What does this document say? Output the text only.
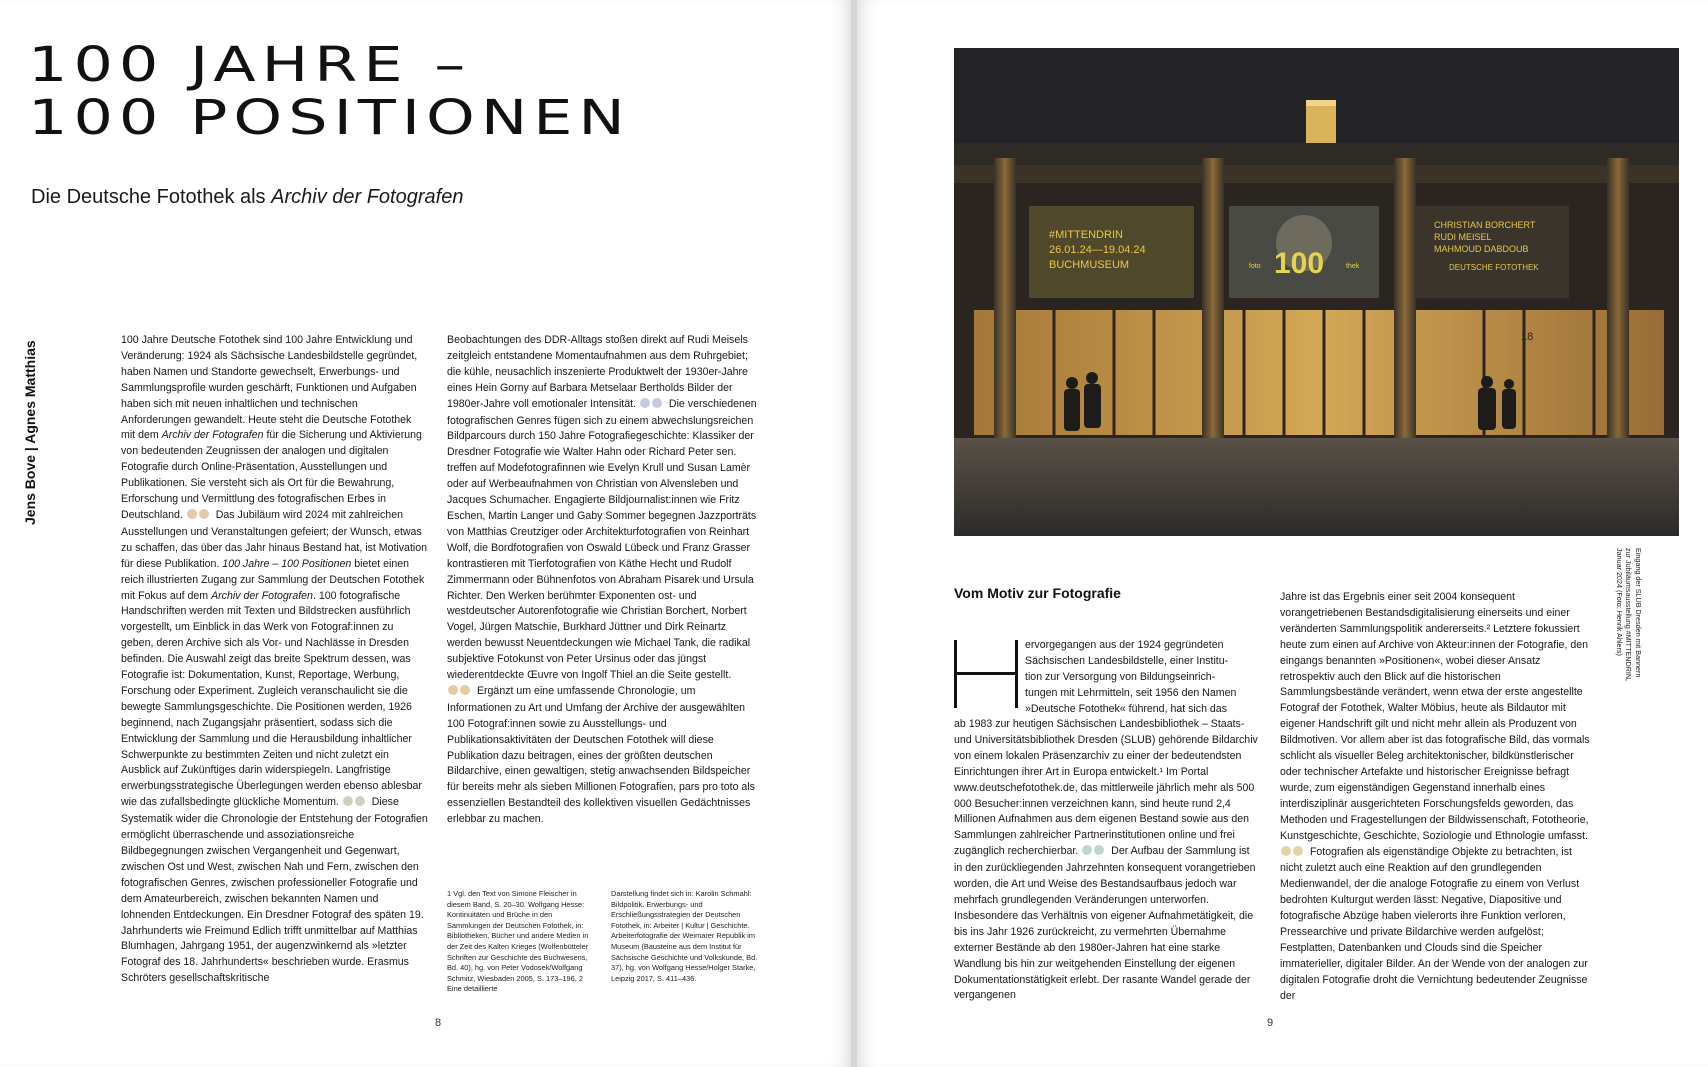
100 JAHRE –
100 POSITIONEN
Die Deutsche Fotothek als Archiv der Fotografen
Jens Bove | Agnes Matthias

100 Jahre Deutsche Fotothek sind 100 Jahre Entwicklung und Veränderung: 1924 als Sächsische Landesbildstelle gegründet, haben Namen und Standorte gewechselt, Erwerbungs- und Sammlungsprofile wurden geschärft, Funktionen und Aufgaben haben sich mit neuen inhaltlichen und technischen Anforderungen gewandelt. Heute steht die Deutsche Fotothek mit dem Archiv der Fotografen für die Sicherung und Aktivierung von bedeutenden Zeugnissen der analogen und digitalen Fotografie durch Online-Präsentation, Ausstellungen und Publikationen. Sie versteht sich als Ort für die Bewahrung, Erforschung und Vermittlung des fotografischen Erbes in Deutschland.	Das Jubiläum wird 2024 mit zahlreichen Ausstellungen und Veranstaltungen gefeiert; der Wunsch, etwas zu schaffen, das über das Jahr hinaus Bestand hat, ist Motivation für diese Publikation. 100 Jahre – 100 Positionen bietet einen reich illustrierten Zugang zur Sammlung der Deutschen Fotothek mit Fokus auf dem Archiv der Fotografen. 100 fotografische Handschriften werden mit Texten und Bildstrecken ausführlich vorgestellt, um Einblick in das Werk von Fotograf:innen zu geben, deren Archive sich als Vor- und Nachlässe in Dresden befinden. Die Auswahl zeigt das breite Spektrum dessen, was Fotografie ist: Dokumentation, Kunst, Reportage, Werbung, Forschung oder Experiment. Zugleich veranschaulicht sie die bewegte Sammlungsgeschichte. Die Positionen werden, 1926 beginnend, nach Zugangsjahr präsentiert, sodass sich die Entwicklung der Sammlung und die Herausbildung inhaltlicher Schwerpunkte zu bestimmten Zeiten und nicht zuletzt ein Ausblick auf Zukünftiges darin widerspiegeln. Langfristige erwerbungsstrategische Überlegungen werden ebenso ablesbar wie das zufallsbedingte glückliche Momentum.	Diese Systematik wider die Chronologie der Entstehung der Fotografien ermöglicht überraschende und assoziationsreiche Bildbegegnungen zwischen Vergangenheit und Gegenwart, zwischen Ost und West, zwischen Nah und Fern, zwischen den fotografischen Genres, zwischen professioneller Fotografie und dem Amateurbereich, zwischen bekannten Namen und lohnenden Entdeckungen. Ein Dresdner Fotograf des späten 19. Jahrhunderts wie Freimund Edlich trifft unmittelbar auf Matthias Blumhagen, Jahrgang 1951, der augenzwinkernd als »letzter Fotograf des 18. Jahrhunderts« beschrieben wurde. Erasmus Schröters gesellschaftskritische

Beobachtungen des DDR-Alltags stoßen direkt auf Rudi Meisels zeitgleich entstandene Momentaufnahmen aus dem Ruhrgebiet; die kühle, neusachlich inszenierte Produktwelt der 1930er-Jahre eines Hein Gorny auf Barbara Metselaar Bertholds Bilder der 1980er-Jahre voll emotionaler Intensität.	Die verschiedenen fotografischen Genres fügen sich zu einem abwechslungsreichen Bildparcours durch 150 Jahre Fotografiegeschichte: Klassiker der Dresdner Fotografie wie Walter Hahn oder Richard Peter sen. treffen auf Modefotografinnen wie Evelyn Krull und Susan Lamèr oder auf Werbeaufnahmen von Christian von Alvensleben und Jacques Schumacher. Engagierte Bildjournalist:innen wie Fritz Eschen, Martin Langer und Gaby Sommer begegnen Jazzporträts von Matthias Creutziger oder Architekturfotografien von Reinhart Wolf, die Bordfotografien von Oswald Lübeck und Franz Grasser kontrastieren mit Tierfotografien von Käthe Hecht und Rudolf Zimmermann oder Bühnenfotos von Abraham Pisarek und Ursula Richter. Den Werken berühmter Exponenten ost- und westdeutscher Autorenfotografie wie Christian Borchert, Norbert Vogel, Jürgen Matschie, Burkhard Jüttner und Dirk Reinartz werden bewusst Neuentdeckungen wie Michael Tank, die radikal subjektive Fotokunst von Peter Ursinus oder das jüngst wiederentdeckte Œuvre von Ingolf Thiel an die Seite gestellt.  Ergänzt um eine umfassende Chronologie, um Informationen zu Art und Umfang der Archive der ausgewählten 100 Fotograf:innen sowie zu Ausstellungs- und Publikationsaktivitäten der Deutschen Fotothek will diese Publikation dazu beitragen, eines der größten deutschen Bildarchive, einen gewaltigen, stetig anwachsenden Bildspeicher für bereits mehr als sieben Millionen Fotografien, pars pro toto als essenziellen Bestandteil des kollektiven visuellen Gedächtnisses erlebbar zu machen.

1 Vgl. den Text von Simone Fleischer in diesem Band, S. 20–30. Wolfgang Hesse: Kontinuitäten und Brüche in den Sammlungen der Deutschen Fotothek, in: Bibliotheken, Bücher und andere Medien in der Zeit des Kalten Krieges (Wolfenbütteler Schriften zur Geschichte des Buchwesens, Bd. 40), hg. von Peter Vodosek/Wolfgang Schmitz, Wiesbaden 2005, S. 173–196. 2 Eine detaillierte
Darstellung findet sich in: Karolin Schmahl: Bildpolitik. Erwerbungs- und Erschließungsstrategien der Deutschen Fotothek, in: Arbeiter | Kultur | Geschichte. Arbeiterfotografie der Weimarer Republik im Museum (Bausteine aus dem Institut für Sächsische Geschichte und Volkskunde, Bd. 37), hg. von Wolfgang Hesse/Holger Starke, Leipzig 2017, S. 411–436.
8
#MITTENDRIN
26.01.24—19.04.24
BUCHMUSEUM	100
foto	thek
CHRISTIAN BORCHERT
RUDI MEISEL
MAHMOUD DABDOUB
DEUTSCHE FOTOTHEK
18
Eingang der SLUB Dresden mit Bannern
zur Jubiläumsausstellung #MITTENDRIN,
Januar 2024 (Foto: Henrik Ahlers)
Vom Motiv zur Fotografie
ervorgegangen aus der 1924 gegründeten
Sächsischen Landesbildstelle, einer Institu-
tion zur Versorgung von Bildungseinrich-
tungen mit Lehrmitteln, seit 1956 den Namen
»Deutsche Fotothek« führend, hat sich das

ab 1983 zur heutigen Sächsischen Landesbibliothek – Staats- und Universitätsbibliothek Dresden (SLUB) gehörende Bildarchiv von einem lokalen Präsenzarchiv zu einer der bedeutendsten Einrichtungen ihrer Art in Europa entwickelt.¹ Im Portal www.deutschefotothek.de, das mittlerweile jährlich mehr als 500 000 Besucher:innen verzeichnen kann, sind heute rund 2,4 Millionen Aufnahmen aus dem eigenen Bestand sowie aus den Sammlungen zahlreicher Partnerinstitutionen online und frei zugänglich recherchierbar.	Der Aufbau der Sammlung ist in den zurückliegenden Jahrzehnten konsequent vorangetrieben worden, die Art und Weise des Bestandsaufbaus jedoch war mehrfach grundlegenden Veränderungen unterworfen. Insbesondere das Verhältnis von eigener Aufnahmetätigkeit, die bis ins Jahr 1926 zurückreicht, zu vermehrten Übernahme externer Bestände ab den 1980er-Jahren hat eine starke Wandlung bis hin zur weitgehenden Einstellung der eigenen Dokumentationstätigkeit erlebt. Der rasante Wandel gerade der vergangenen

Jahre ist das Ergebnis einer seit 2004 konsequent vorangetriebenen Bestandsdigitalisierung einerseits und einer veränderten Sammlungspolitik andererseits.² Letztere fokussiert heute zum einen auf Archive von Akteur:innen der Fotografie, den eingangs benannten »Positionen«, wobei dieser Ansatz retrospektiv auch den Blick auf die historischen Sammlungsbestände verändert, wenn etwa der erste angestellte Fotograf der Fotothek, Walter Möbius, heute als Bildautor mit eigener Handschrift gilt und nicht mehr allein als Produzent von Bildmotiven. Vor allem aber ist das fotografische Bild, das vormals schlicht als visueller Beleg architektonischer, bildkünstlerischer oder technischer Artefakte und historischer Ereignisse befragt wurde, zum eigenständigen Gegenstand innerhalb eines interdisziplinär ausgerichteten Forschungsfelds geworden, das Methoden und Fragestellungen der Bildwissenschaft, Fototheorie, Kunstgeschichte, Geschichte, Soziologie und Ethnologie umfasst.  Fotografien als eigenständige Objekte zu betrachten, ist nicht zuletzt auch eine Reaktion auf den grundlegenden Medienwandel, der die analoge Fotografie zu einem von Verlust bedrohten Kulturgut werden lässt: Negative, Diapositive und fotografische Abzüge haben vielerorts ihre Funktion verloren, Pressearchive und private Bildarchive werden aufgelöst; Festplatten, Datenbanken und Clouds sind die Speicher immaterieller, digitaler Bilder. An der Wende von der analogen zur digitalen Fotografie droht die Vernichtung bedeutender Zeugnisse der

9
